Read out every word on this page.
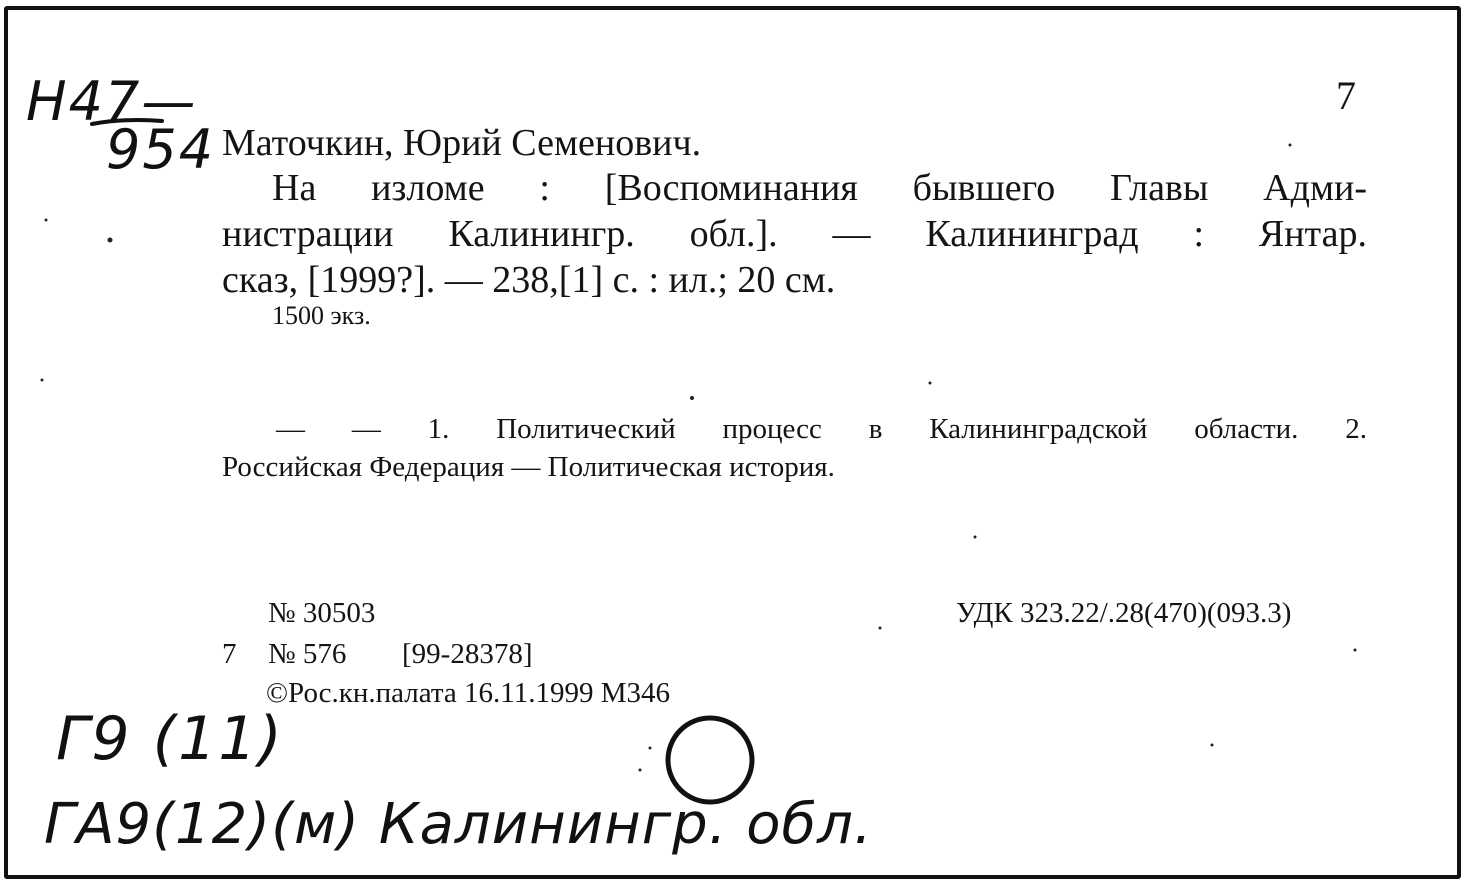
Н47—
954
7
Маточкин, Юрий Семенович.
На изломе : [Воспоминания бывшего Главы Адми-
нистрации Калинингр. обл.]. — Калининград : Янтар.
сказ, [1999?]. — 238,[1] с. : ил.; 20 см.
1500 экз.
— — 1. Политический процесс в Калининградской области. 2.
Российская Федерация — Политическая история.
№ 30503	УДК 323.22/.28(470)(093.3)
7 № 576 [99-28378]
©Рос.кн.палата 16.11.1999 М346
Г9 (11)
ГА9(12)(м) Калинингр. обл.
